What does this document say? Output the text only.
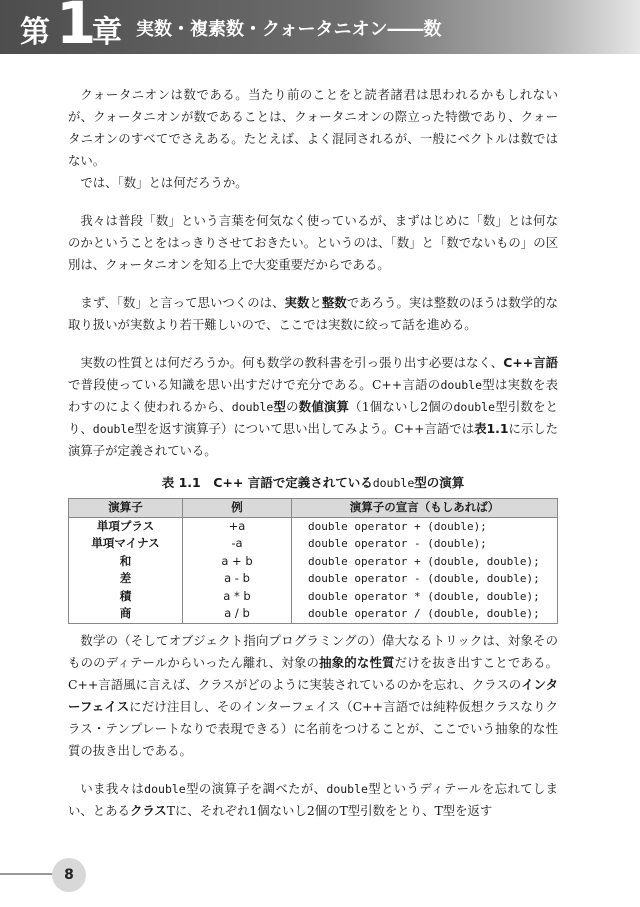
第 1
章 実数・複素数・クォータニオン――数

クォータニオンは数である。当たり前のことをと読者諸君は思われるかもしれないが、クォータニオンが数であることは、クォータニオンの際立った特徴であり、クォータニオンのすべてでさえある。たとえば、よく混同されるが、一般にベクトルは数ではない。

では、「数」とは何だろうか。

我々は普段「数」という言葉を何気なく使っているが、まずはじめに「数」とは何なのかということをはっきりさせておきたい。というのは、「数」と「数でないもの」の区別は、クォータニオンを知る上で大変重要だからである。

まず、「数」と言って思いつくのは、実数と整数であろう。実は整数のほうは数学的な取り扱いが実数より若干難しいので、ここでは実数に絞って話を進める。

実数の性質とは何だろうか。何も数学の教科書を引っ張り出す必要はなく、C++言語で普段使っている知識を思い出すだけで充分である。C++言語のdouble型は実数を表わすのによく使われるから、double型の数値演算（1個ないし2個のdouble型引数をとり、double型を返す演算子）について思い出してみよう。C++言語では表1.1に示した演算子が定義されている。

表 1.1　C++ 言語で定義されているdouble型の演算
演算子	例	演算子の宣言（もしあれば）
単項プラス	+a	double operator + (double);
単項マイナス	-a	double operator - (double);
和	a + b	double operator + (double, double);
差	a - b	double operator - (double, double);
積	a * b	double operator * (double, double);
商	a / b	double operator / (double, double);

数学の（そしてオブジェクト指向プログラミングの）偉大なるトリックは、対象そのもののディテールからいったん離れ、対象の抽象的な性質だけを抜き出すことである。C++言語風に言えば、クラスがどのように実装されているのかを忘れ、クラスのインターフェイスにだけ注目し、そのインターフェイス（C++言語では純粋仮想クラスなりクラス・テンプレートなりで表現できる）に名前をつけることが、ここでいう抽象的な性質の抜き出しである。

いま我々はdouble型の演算子を調べたが、double型というディテールを忘れてしまい、とあるクラスTに、それぞれ1個ないし2個のT型引数をとり、T型を返す

8
